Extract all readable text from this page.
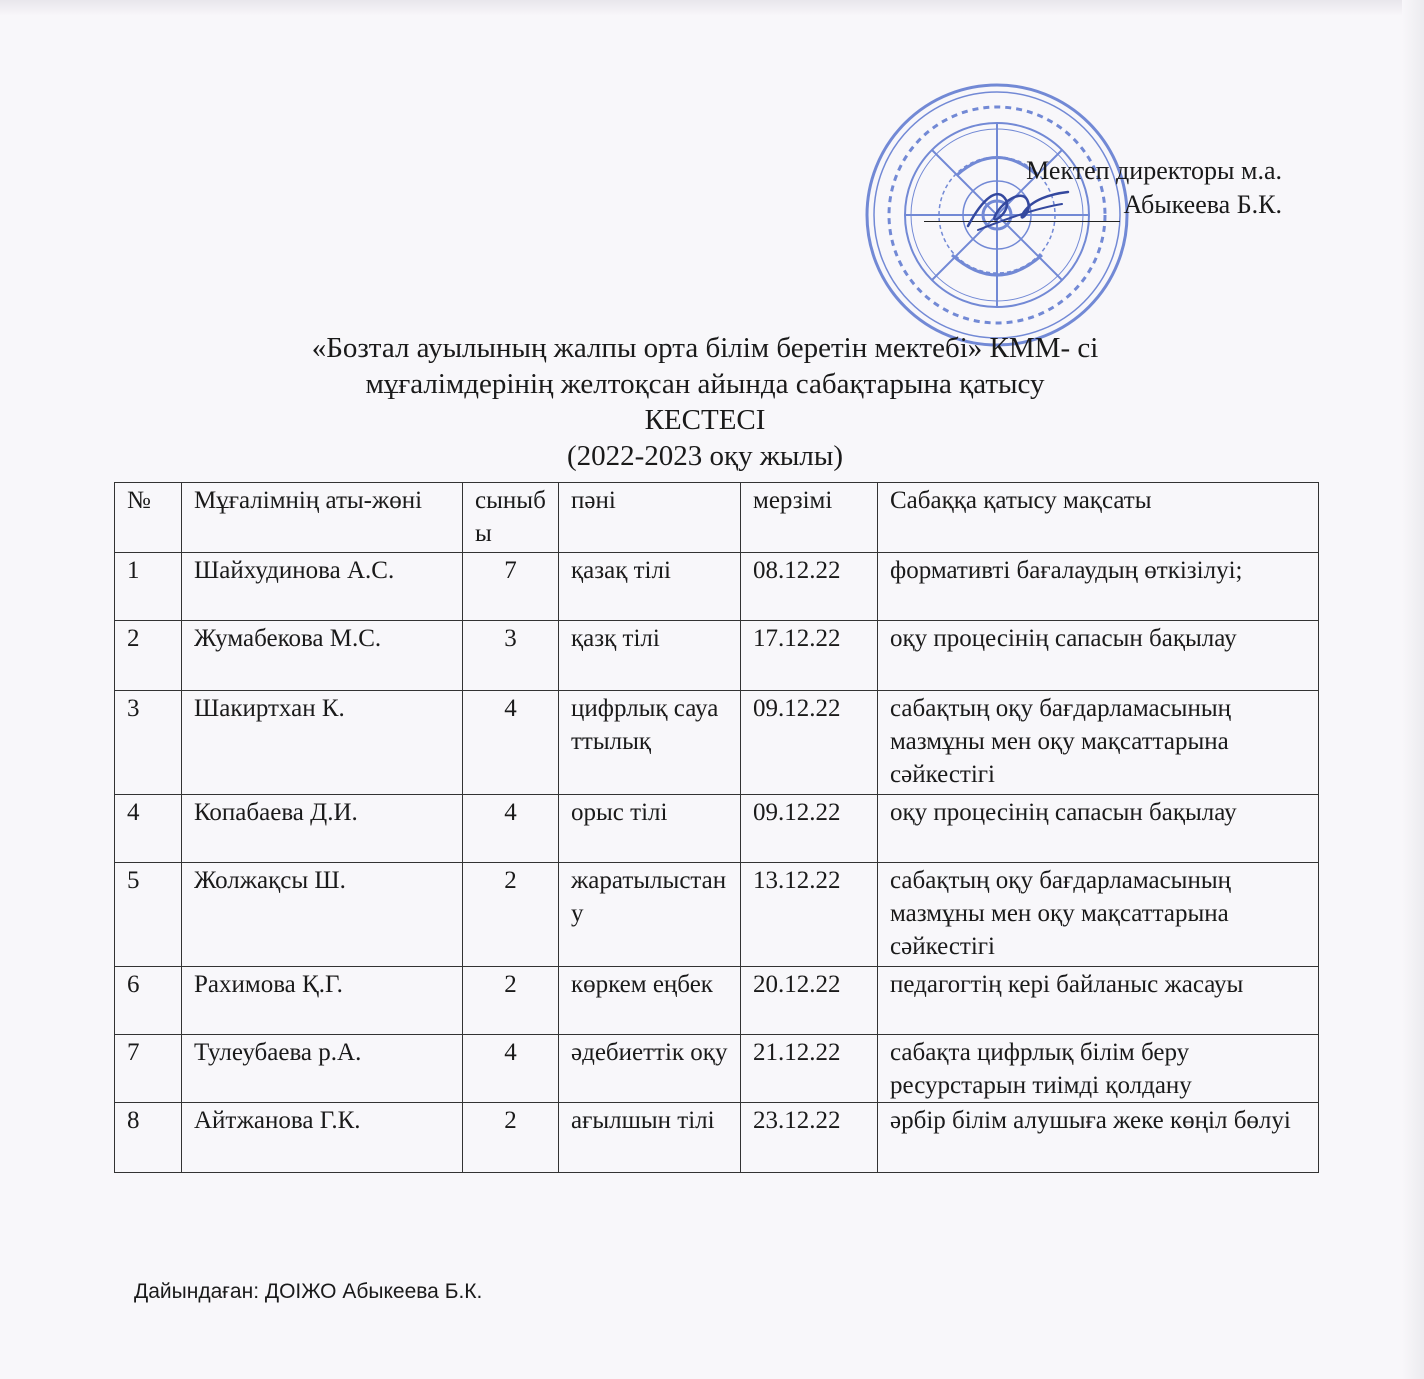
Мектеп директоры м.а.
Абыкеева Б.К.
«Бозтал ауылының жалпы орта білім беретін мектебі» КММ- сі
мұғалімдерінің желтоқсан айында сабақтарына қатысу
КЕСТЕСІ
(2022-2023 оқу жылы)
№	Мұғалімнің аты-жөні	сыныбы	пәні	мерзімі	Сабаққа қатысу мақсаты
1	Шайхудинова А.С.	7	қазақ тілі	08.12.22	формативті бағалаудың өткізілуі;
2	Жумабекова М.С.	3	қазқ тілі	17.12.22	оқу процесінің сапасын бақылау
3	Шакиртхан К.	4	цифрлық сауаттылық	09.12.22	сабақтың оқу бағдарламасының мазмұны мен оқу мақсаттарына сәйкестігі
4	Копабаева Д.И.	4	орыс тілі	09.12.22	оқу процесінің сапасын бақылау
5	Жолжақсы Ш.	2	жаратылыстану	13.12.22	сабақтың оқу бағдарламасының мазмұны мен оқу мақсаттарына сәйкестігі
6	Рахимова Қ.Г.	2	көркем еңбек	20.12.22	педагогтің кері байланыс жасауы
7	Тулеубаева р.А.	4	әдебиеттік оқу	21.12.22	сабақта цифрлық білім беру ресурстарын тиімді қолдану
8	Айтжанова Г.К.	2	ағылшын тілі	23.12.22	әрбір білім алушыға жеке көңіл бөлуі
Дайындаған: ДОІЖО Абыкеева Б.К.
